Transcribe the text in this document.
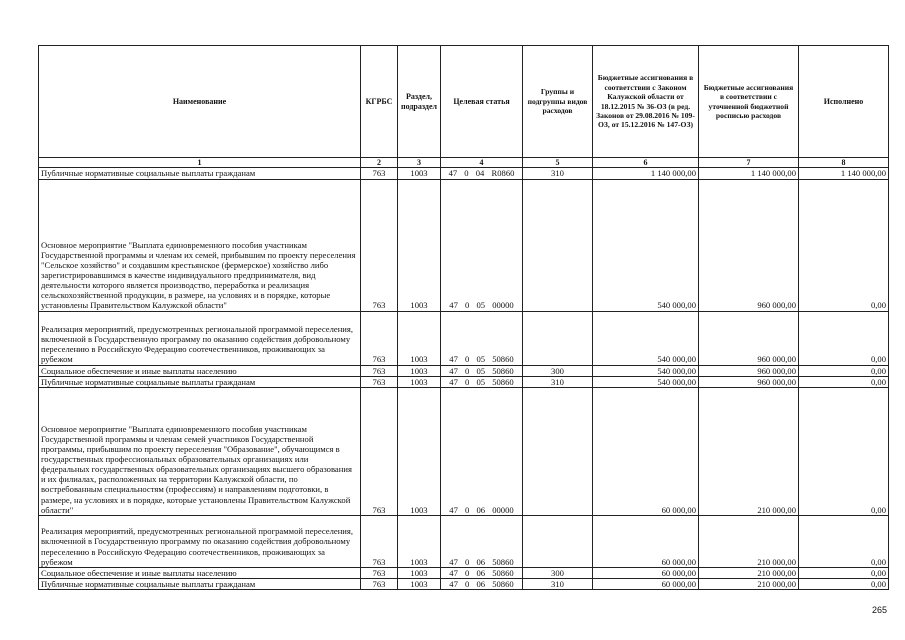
Наименование	КГРБС	Раздел, подраздел	Целевая статья	Группы и подгруппы видов расходов	Бюджетные ассигнования в соответствии с Законом Калужской области от 18.12.2015 № 36-ОЗ (в ред. Законов от 29.08.2016 № 109-ОЗ, от 15.12.2016 № 147-ОЗ)	Бюджетные ассигнования в соответствии с уточненной бюджетной росписью расходов	Исполнено
1	2	3	4	5	6	7	8
Публичные нормативные социальные выплаты гражданам	763	1003	47 0 04 R0860	310	1 140 000,00	1 140 000,00	1 140 000,00
Основное мероприятие "Выплата единовременного пособия участникам Государственной программы и членам их семей, прибывшим по проекту переселения "Сельское хозяйство" и создавшим крестьянское (фермерское) хозяйство либо зарегистрировавшимся в качестве индивидуального предпринимателя, вид деятельности которого является производство, переработка и реализация сельскохозяйственной продукции, в размере, на условиях и в порядке, которые установлены Правительством Калужской области"	763	1003	47 0 05 00000		540 000,00	960 000,00	0,00
Реализация мероприятий, предусмотренных региональной программой переселения, включенной в Государственную программу по оказанию содействия добровольному переселению в Российскую Федерацию соотечественников, проживающих за рубежом	763	1003	47 0 05 50860		540 000,00	960 000,00	0,00
Социальное обеспечение и иные выплаты населению	763	1003	47 0 05 50860	300	540 000,00	960 000,00	0,00
Публичные нормативные социальные выплаты гражданам	763	1003	47 0 05 50860	310	540 000,00	960 000,00	0,00
Основное мероприятие "Выплата единовременного пособия участникам Государственной программы и членам семей участников Государственной программы, прибывшим по проекту переселения "Образование", обучающимся в государственных профессиональных образовательных организациях или федеральных государственных образовательных организациях высшего образования и их филиалах, расположенных на территории Калужской области, по востребованным специальностям (профессиям) и направлениям подготовки, в размере, на условиях и в порядке, которые установлены Правительством Калужской области"	763	1003	47 0 06 00000		60 000,00	210 000,00	0,00
Реализация мероприятий, предусмотренных региональной программой переселения, включенной в Государственную программу по оказанию содействия добровольному переселению в Российскую Федерацию соотечественников, проживающих за рубежом	763	1003	47 0 06 50860		60 000,00	210 000,00	0,00
Социальное обеспечение и иные выплаты населению	763	1003	47 0 06 50860	300	60 000,00	210 000,00	0,00
Публичные нормативные социальные выплаты гражданам	763	1003	47 0 06 50860	310	60 000,00	210 000,00	0,00
265
